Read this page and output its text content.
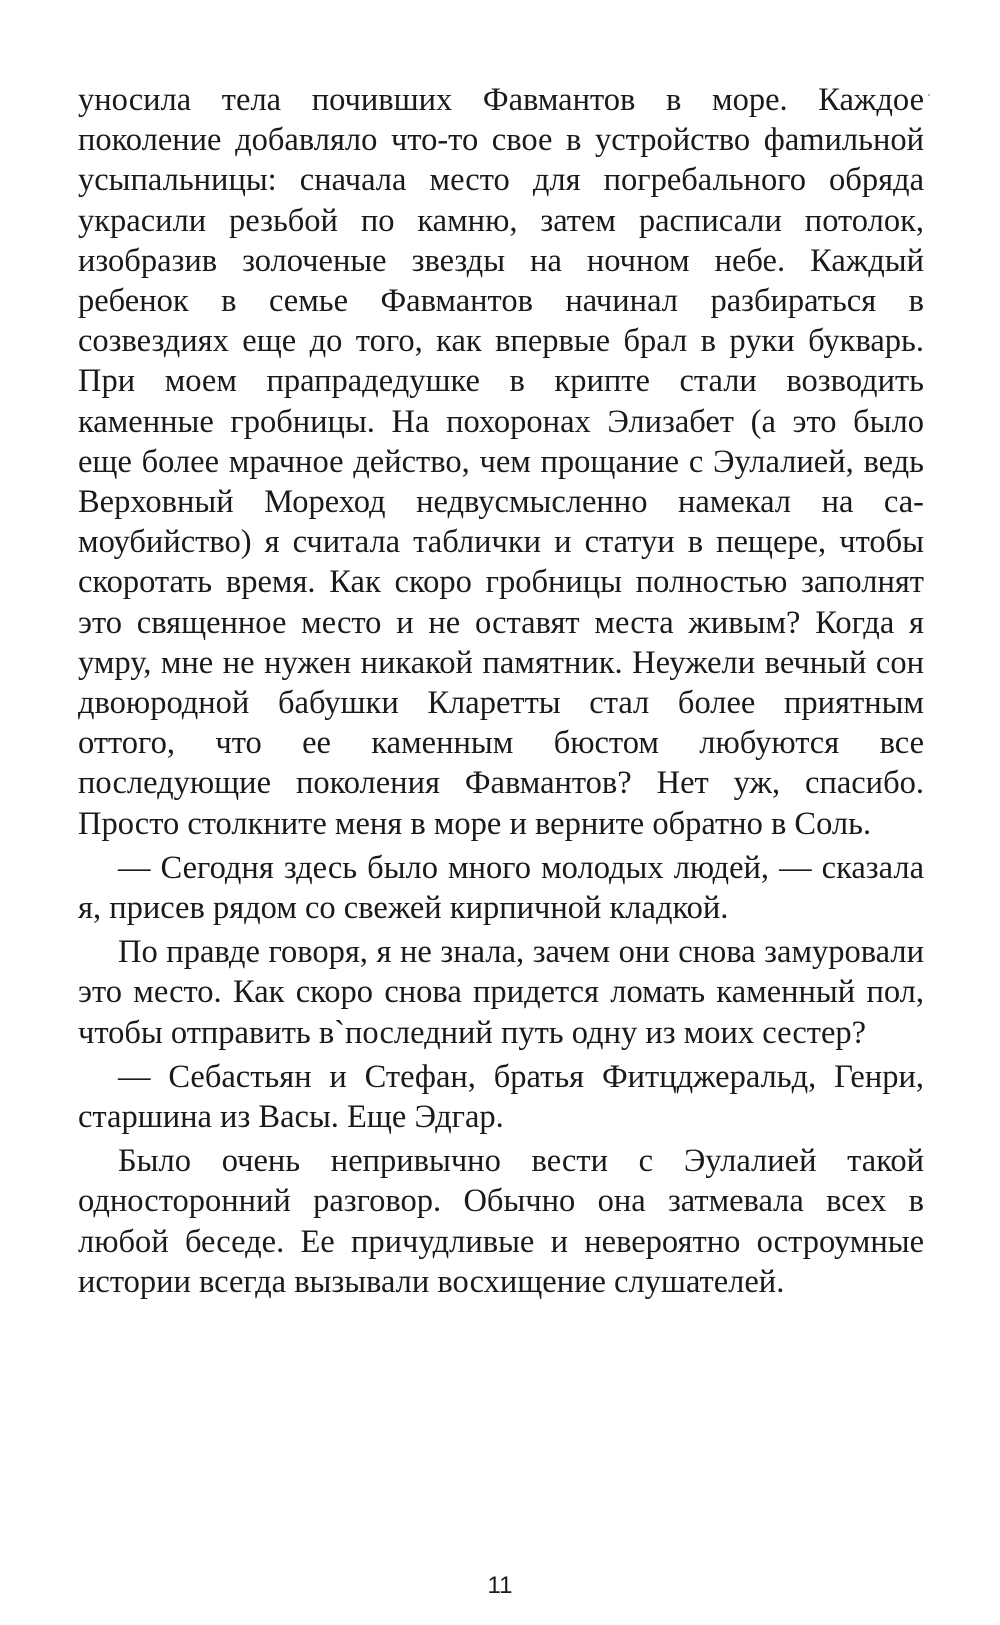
уносила тела почивших Фавмантов в море. Каждое поколение добавляло что-то свое в устройство фаmильной усыпальницы: сначала место для погребального обряда украсили резьбой по камню, затем расписали потолок, изобразив золоченые звезды на ночном небе. Каждый ребенок в семье Фавмантов начинал разбираться в созвездиях еще до того, как впервые брал в руки букварь. При моем прапрадедушке в крипте стали возводить каменные гробницы. На похоронах Элизабет (а это было еще более мрачное действо, чем прощание с Эулалией, ведь Верховный Мореход недвусмысленно намекал на самоубийство) я считала таблички и статуи в пещере, чтобы скоротать время. Как скоро гробницы полностью заполнят это священное место и не оставят места живым? Когда я умру, мне не нужен никакой памятник. Неужели вечный сон двоюродной бабушки Кларетты стал более приятным оттого, что ее каменным бюстом любуются все последующие поколения Фавмантов? Нет уж, спасибо. Просто столкните меня в море и верните обратно в Соль.

— Сегодня здесь было много молодых людей, — сказала я, присев рядом со свежей кирпичной кладкой.

По правде говоря, я не знала, зачем они снова замуровали это место. Как скоро снова придется ломать каменный пол, чтобы отправить в`последний путь одну из моих сестер?

— Себастьян и Стефан, братья Фитцджеральд, Генри, старшина из Васы. Еще Эдгар.

Было очень непривычно вести с Эулалией такой односторонний разговор. Обычно она затмевала всех в любой беседе. Ее причудливые и невероятно остроумные истории всегда вызывали восхищение слушателей.

11
